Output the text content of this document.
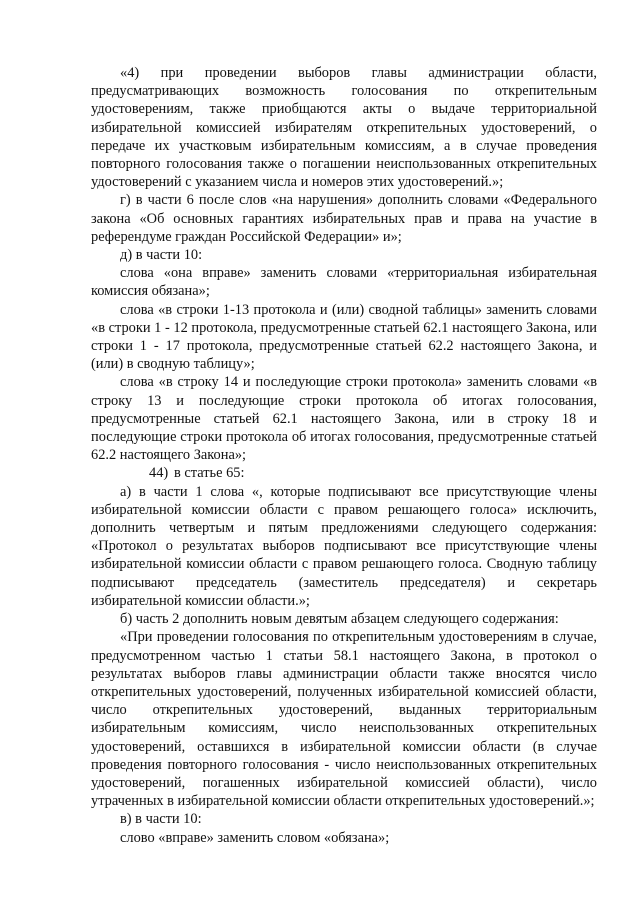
«4) при проведении выборов главы администрации области, предусматривающих возможность голосования по открепительным удостоверениям, также приобщаются акты о выдаче территориальной избирательной комиссией избирателям открепительных удостоверений, о передаче их участковым избирательным комиссиям, а в случае проведения повторного голосования также о погашении неиспользованных открепительных удостоверений с указанием числа и номеров этих удостоверений.»;

г) в части 6 после слов «на нарушения» дополнить словами «Федерального закона «Об основных гарантиях избирательных прав и права на участие в референдуме граждан Российской Федерации» и»;

д) в части 10:

слова «она вправе» заменить словами «территориальная избирательная комиссия обязана»;

слова «в строки 1-13 протокола и (или) сводной таблицы» заменить словами «в строки 1 - 12 протокола, предусмотренные статьей 62.1 настоящего Закона, или строки 1 - 17 протокола, предусмотренные статьей 62.2 настоящего Закона, и (или) в сводную таблицу»;

слова «в строку 14 и последующие строки протокола» заменить словами «в строку 13 и последующие строки протокола об итогах голосования, предусмотренные статьей 62.1 настоящего Закона, или в строку 18 и последующие строки протокола об итогах голосования, предусмотренные статьей 62.2 настоящего Закона»;

44) в статье 65:

а) в части 1 слова «, которые подписывают все присутствующие члены избирательной комиссии области с правом решающего голоса» исключить, дополнить четвертым и пятым предложениями следующего содержания: «Протокол о результатах выборов подписывают все присутствующие члены избирательной комиссии области с правом решающего голоса. Сводную таблицу подписывают председатель (заместитель председателя) и секретарь избирательной комиссии области.»;

б) часть 2 дополнить новым девятым абзацем следующего содержания:

«При проведении голосования по открепительным удостоверениям в случае, предусмотренном частью 1 статьи 58.1 настоящего Закона, в протокол о результатах выборов главы администрации области также вносятся число открепительных удостоверений, полученных избирательной комиссией области, число открепительных удостоверений, выданных территориальным избирательным комиссиям, число неиспользованных открепительных удостоверений, оставшихся в избирательной комиссии области (в случае проведения повторного голосования - число неиспользованных открепительных удостоверений, погашенных избирательной комиссией области), число утраченных в избирательной комиссии области открепительных удостоверений.»;

в) в части 10:

слово «вправе» заменить словом «обязана»;
